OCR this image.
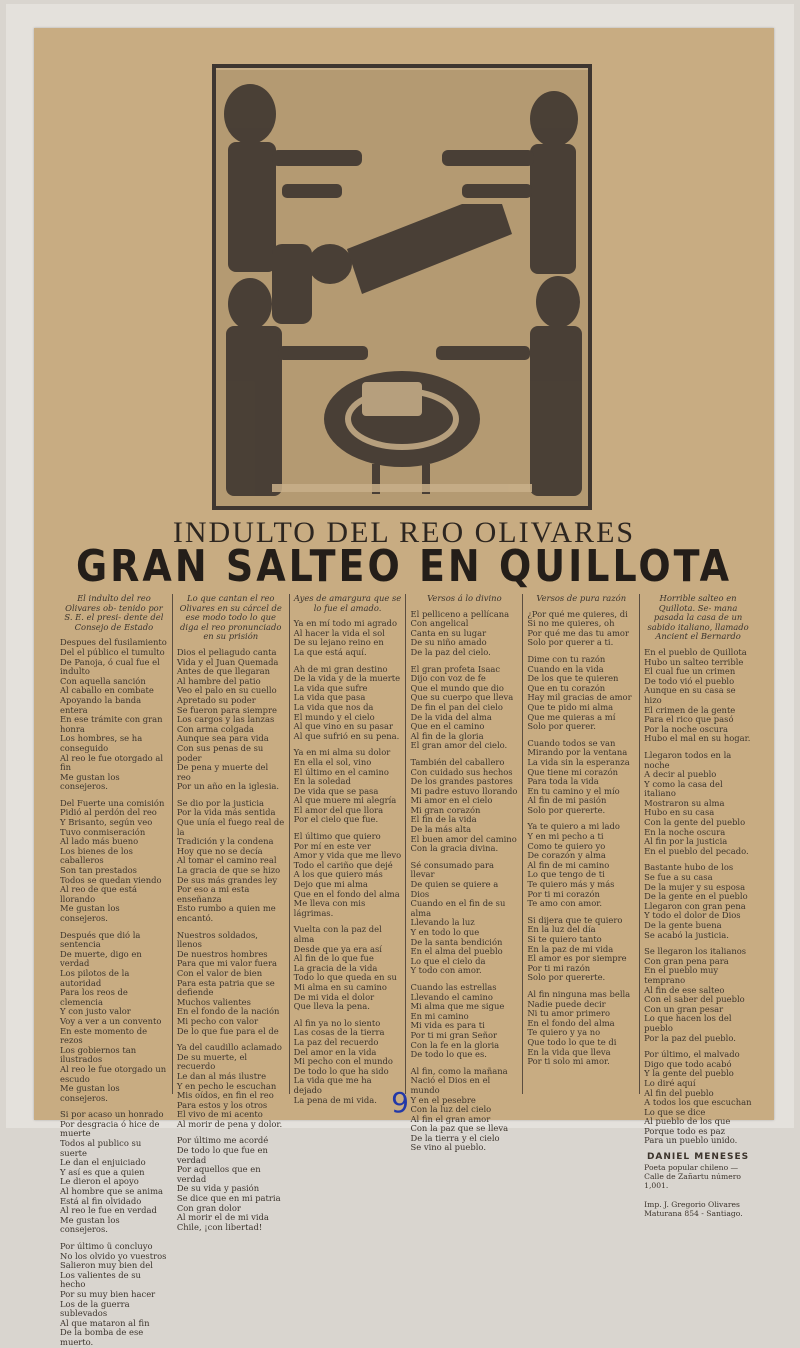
INDULTO DEL REO OLIVARES
GRAN SALTEO EN QUILLOTA
El indulto del reo Olivares ob- tenido por S. E. el presi- dente del Consejo de Estado
Despues del fusilamiento
Del el público el tumulto
De Panoja, ó cual fue el indulto
Con aquella sanción
Al caballo en combate
Apoyando la banda entera
En ese trámite con gran honra
Los hombres, se ha conseguido
Al reo le fue otorgado al fin
Me gustan los consejeros.
Del Fuerte una comisión
Pidió al perdón del reo
Y Brisanto, según veo
Tuvo conmiseración
Al lado más bueno
Los bienes de los caballeros
Son tan prestados
Todos se quedan viendo
Al reo de que está llorando
Me gustan los consejeros.
Después que dió la sentencia
De muerte, digo en verdad
Los pilotos de la autoridad
Para los reos de clemencia
Y con justo valor
Voy a ver a un convento
En este momento de rezos
Los gobiernos tan ilustrados
Al reo le fue otorgado un escudo
Me gustan los consejeros.
Si por acaso un honrado
Por desgracia ó hice de muerte
Todos al publico su suerte
Le dan el enjuiciado
Y así es que a quien
Le dieron el apoyo
Al hombre que se anima
Está al fin olvidado
Al reo le fue en verdad
Me gustan los consejeros.
Por último ü concluyo
No los olvido yo vuestros
Salieron muy bien del
Los valientes de su hecho
Por su muy bien hacer
Los de la guerra sublevados
Al que mataron al fin
De la bomba de ese muerto.
Lo que cantan el reo Olivares en su cárcel de ese modo todo lo que diga el reo pronunciado en su prisión
Dios el peliagudo canta
Vida y el Juan Quemada
Antes de que llegaran
Al hambre del patio
Veo el palo en su cuello
Apretado su poder
Se fueron para siempre
Los cargos y las lanzas
Con arma colgada
Aunque sea para vida
Con sus penas de su poder
De pena y muerte del reo
Por un año en la iglesia.
Se dio por la justicia
Por la vida más sentida
Que unía el fuego real de la
Tradición y la condena
Hoy que no se decía
Al tomar el camino real
La gracia de que se hizo
De sus más grandes ley
Por eso a mi esta enseñanza
Esto rumbo a quien me encantó.
Nuestros soldados, llenos
De nuestros hombres
Para que mi valor fuera
Con el valor de bien
Para esta patria que se defiende
Muchos valientes
En el fondo de la nación
Mi pecho con valor
De lo que fue para el de
Ya del caudillo aclamado
De su muerte, el recuerdo
Le dan al más ilustre
Y en pecho le escuchan
Mis oídos, en fin el reo
Para estos y los otros
El vivo de mi acento
Al morir de pena y dolor.
Por último me acordé
De todo lo que fue en verdad
Por aquellos que en verdad
De su vida y pasión
Se dice que en mi patria
Con gran dolor
Al morir el de mi vida
Chile, ¡con libertad!
Ayes de amargura que se lo fue el amado.
Ya en mí todo mi agrado
Al hacer la vida el sol
De su lejano reino en
La que está aquí.
Ah de mi gran destino
De la vida y de la muerte
La vida que sufre
La vida que pasa
La vida que nos da
El mundo y el cielo
Al que vino en su pasar
Al que sufrió en su pena.
Ya en mi alma su dolor
En ella el sol, vino
El último en el camino
En la soledad
De vida que se pasa
Al que muere mi alegría
El amor del que llora
Por el cielo que fue.
El último que quiero
Por mí en este ver
Amor y vida que me llevo
Todo el cariño que dejé
A los que quiero más
Dejo que mi alma
Que en el fondo del alma
Me lleva con mis lágrimas.
Vuelta con la paz del alma
Desde que ya era así
Al fin de lo que fue
La gracia de la vida
Todo lo que queda en su
Mi alma en su camino
De mi vida el dolor
Que lleva la pena.
Al fin ya no lo siento
Las cosas de la tierra
La paz del recuerdo
Del amor en la vida
Mi pecho con el mundo
De todo lo que ha sido
La vida que me ha dejado
La pena de mi vida.
Versos á lo divino
El pelliceno a pellícana
Con angelical
Canta en su lugar
De su niño amado
De la paz del cielo.
El gran profeta Isaac
Dijo con voz de fe
Que el mundo que dio
Que su cuerpo que lleva
De fin el pan del cielo
De la vida del alma
Que en el camino
Al fin de la gloria
El gran amor del cielo.
También del caballero
Con cuidado sus hechos
De los grandes pastores
Mi padre estuvo llorando
Mi amor en el cielo
Mi gran corazón
El fin de la vida
De la más alta
El buen amor del camino
Con la gracia divina.
Sé consumado para llevar
De quien se quiere a Dios
Cuando en el fin de su alma
Llevando la luz
Y en todo lo que
De la santa bendición
En el alma del pueblo
Lo que el cielo da
Y todo con amor.
Cuando las estrellas
Llevando el camino
Mi alma que me sigue
En mi camino
Mi vida es para ti
Por ti mi gran Señor
Con la fe en la gloria
De todo lo que es.
Al fin, como la mañana
Nació el Dios en el mundo
Y en el pesebre
Con la luz del cielo
Al fin el gran amor
Con la paz que se lleva
De la tierra y el cielo
Se vino al pueblo.
Versos de pura razón
¿Por qué me quieres, di
Si no me quieres, oh
Por qué me das tu amor
Solo por querer a ti.
Dime con tu razón
Cuando en la vida
De los que te quieren
Que en tu corazón
Hay mil gracias de amor
Que te pido mi alma
Que me quieras a mí
Solo por querer.
Cuando todos se van
Mirando por la ventana
La vida sin la esperanza
Que tiene mi corazón
Para toda la vida
En tu camino y el mío
Al fin de mi pasión
Solo por quererte.
Ya te quiero a mi lado
Y en mi pecho a ti
Como te quiero yo
De corazón y alma
Al fin de mi camino
Lo que tengo de ti
Te quiero más y más
Por ti mi corazón
Te amo con amor.
Si dijera que te quiero
En la luz del día
Si te quiero tanto
En la paz de mi vida
El amor es por siempre
Por ti mi razón
Solo por quererte.
Al fin ninguna mas bella
Nadie puede decir
Ni tu amor primero
En el fondo del alma
Te quiero y ya no
Que todo lo que te di
En la vida que lleva
Por ti solo mi amor.
Horrible salteo en Quillota. Se- mana pasada la casa de un sabido italiano, llamado Ancient el Bernardo
En el pueblo de Quillota
Hubo un salteo terrible
El cual fue un crimen
De todo vió el pueblo
Aunque en su casa se hizo
El crimen de la gente
Para el rico que pasó
Por la noche oscura
Hubo el mal en su hogar.
Llegaron todos en la noche
A decir al pueblo
Y como la casa del italiano
Mostraron su alma
Hubo en su casa
Con la gente del pueblo
En la noche oscura
Al fin por la justicia
En el pueblo del pecado.
Bastante hubo de los
Se fue a su casa
De la mujer y su esposa
De la gente en el pueblo
Llegaron con gran pena
Y todo el dolor de Dios
De la gente buena
Se acabó la justicia.
Se llegaron los italianos
Con gran pena para
En el pueblo muy temprano
Al fin de ese salteo
Con el saber del pueblo
Con un gran pesar
Lo que hacen los del pueblo
Por la paz del pueblo.
Por último, el malvado
Digo que todo acabó
Y la gente del pueblo
Lo diré aquí
Al fin del pueblo
A todos los que escuchan
Lo que se dice
Al pueblo de los que
Porque todo es paz
Para un pueblo unido.
DANIEL MENESES
Poeta popular chileno — Calle de Zañartu número 1,001.
Imp. J. Gregorio Olivares
Maturana 854 - Santiago.
9
